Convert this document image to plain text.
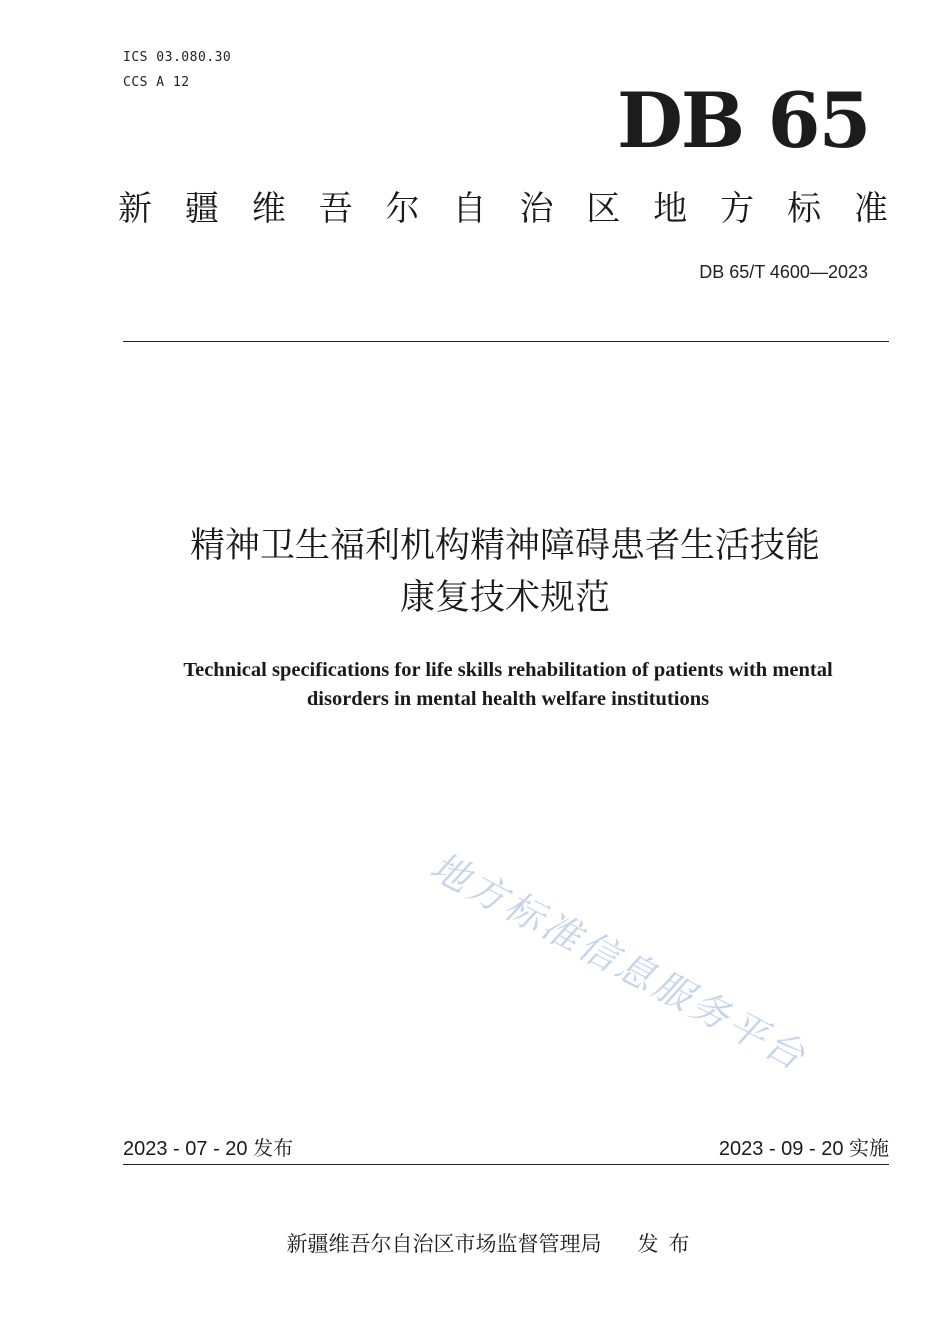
ICS 03.080.30
CCS A 12	DB 65
新 疆 维 吾 尔 自 治 区 地 方 标 准
DB 65/T 4600—2023
精神卫生福利机构精神障碍患者生活技能
康复技术规范
Technical specifications for life skills rehabilitation of patients with mental
disorders in mental health welfare institutions
地方标准信息服务平台
2023 - 07 - 20 发布	2023 - 09 - 20 实施
新疆维吾尔自治区市场监督管理局 发布
